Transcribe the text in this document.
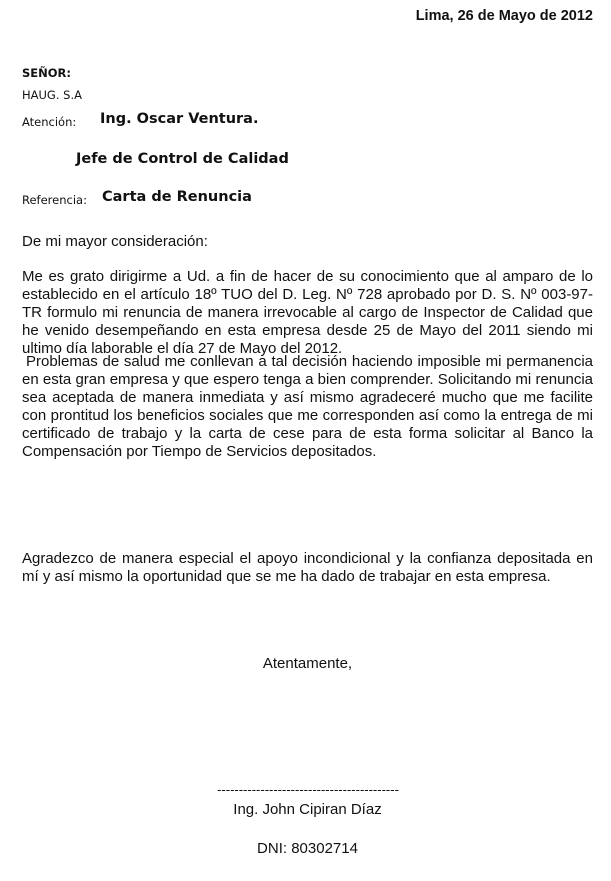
Lima, 26 de Mayo de 2012
SEÑOR:
HAUG. S.A
Atención: Ing. Oscar Ventura.
Jefe de Control de Calidad
Referencia: Carta de Renuncia
De mi mayor consideración:

Me es grato dirigirme a Ud. a fin de hacer de su conocimiento que al amparo de lo establecido en el artículo 18º TUO del D. Leg. Nº 728 aprobado por D. S. Nº 003-97-TR formulo mi renuncia de manera irrevocable al cargo de Inspector de Calidad que he venido desempeñando en esta empresa desde 25 de Mayo del 2011 siendo mi ultimo día laborable el día 27 de Mayo del 2012.

Problemas de salud me conllevan a tal decisión haciendo imposible mi permanencia en esta gran empresa y que espero tenga a bien comprender. Solicitando mi renuncia sea aceptada de manera inmediata y así mismo agradeceré mucho que me facilite con prontitud los beneficios sociales que me corresponden así como la entrega de mi certificado de trabajo y la carta de cese para de esta forma solicitar al Banco la Compensación por Tiempo de Servicios depositados.

Agradezco de manera especial el apoyo incondicional y la confianza depositada en mí y así mismo la oportunidad que se me ha dado de trabajar en esta empresa.

Atentamente,
------------------------------------------
Ing. John Cipiran Díaz
DNI: 80302714
